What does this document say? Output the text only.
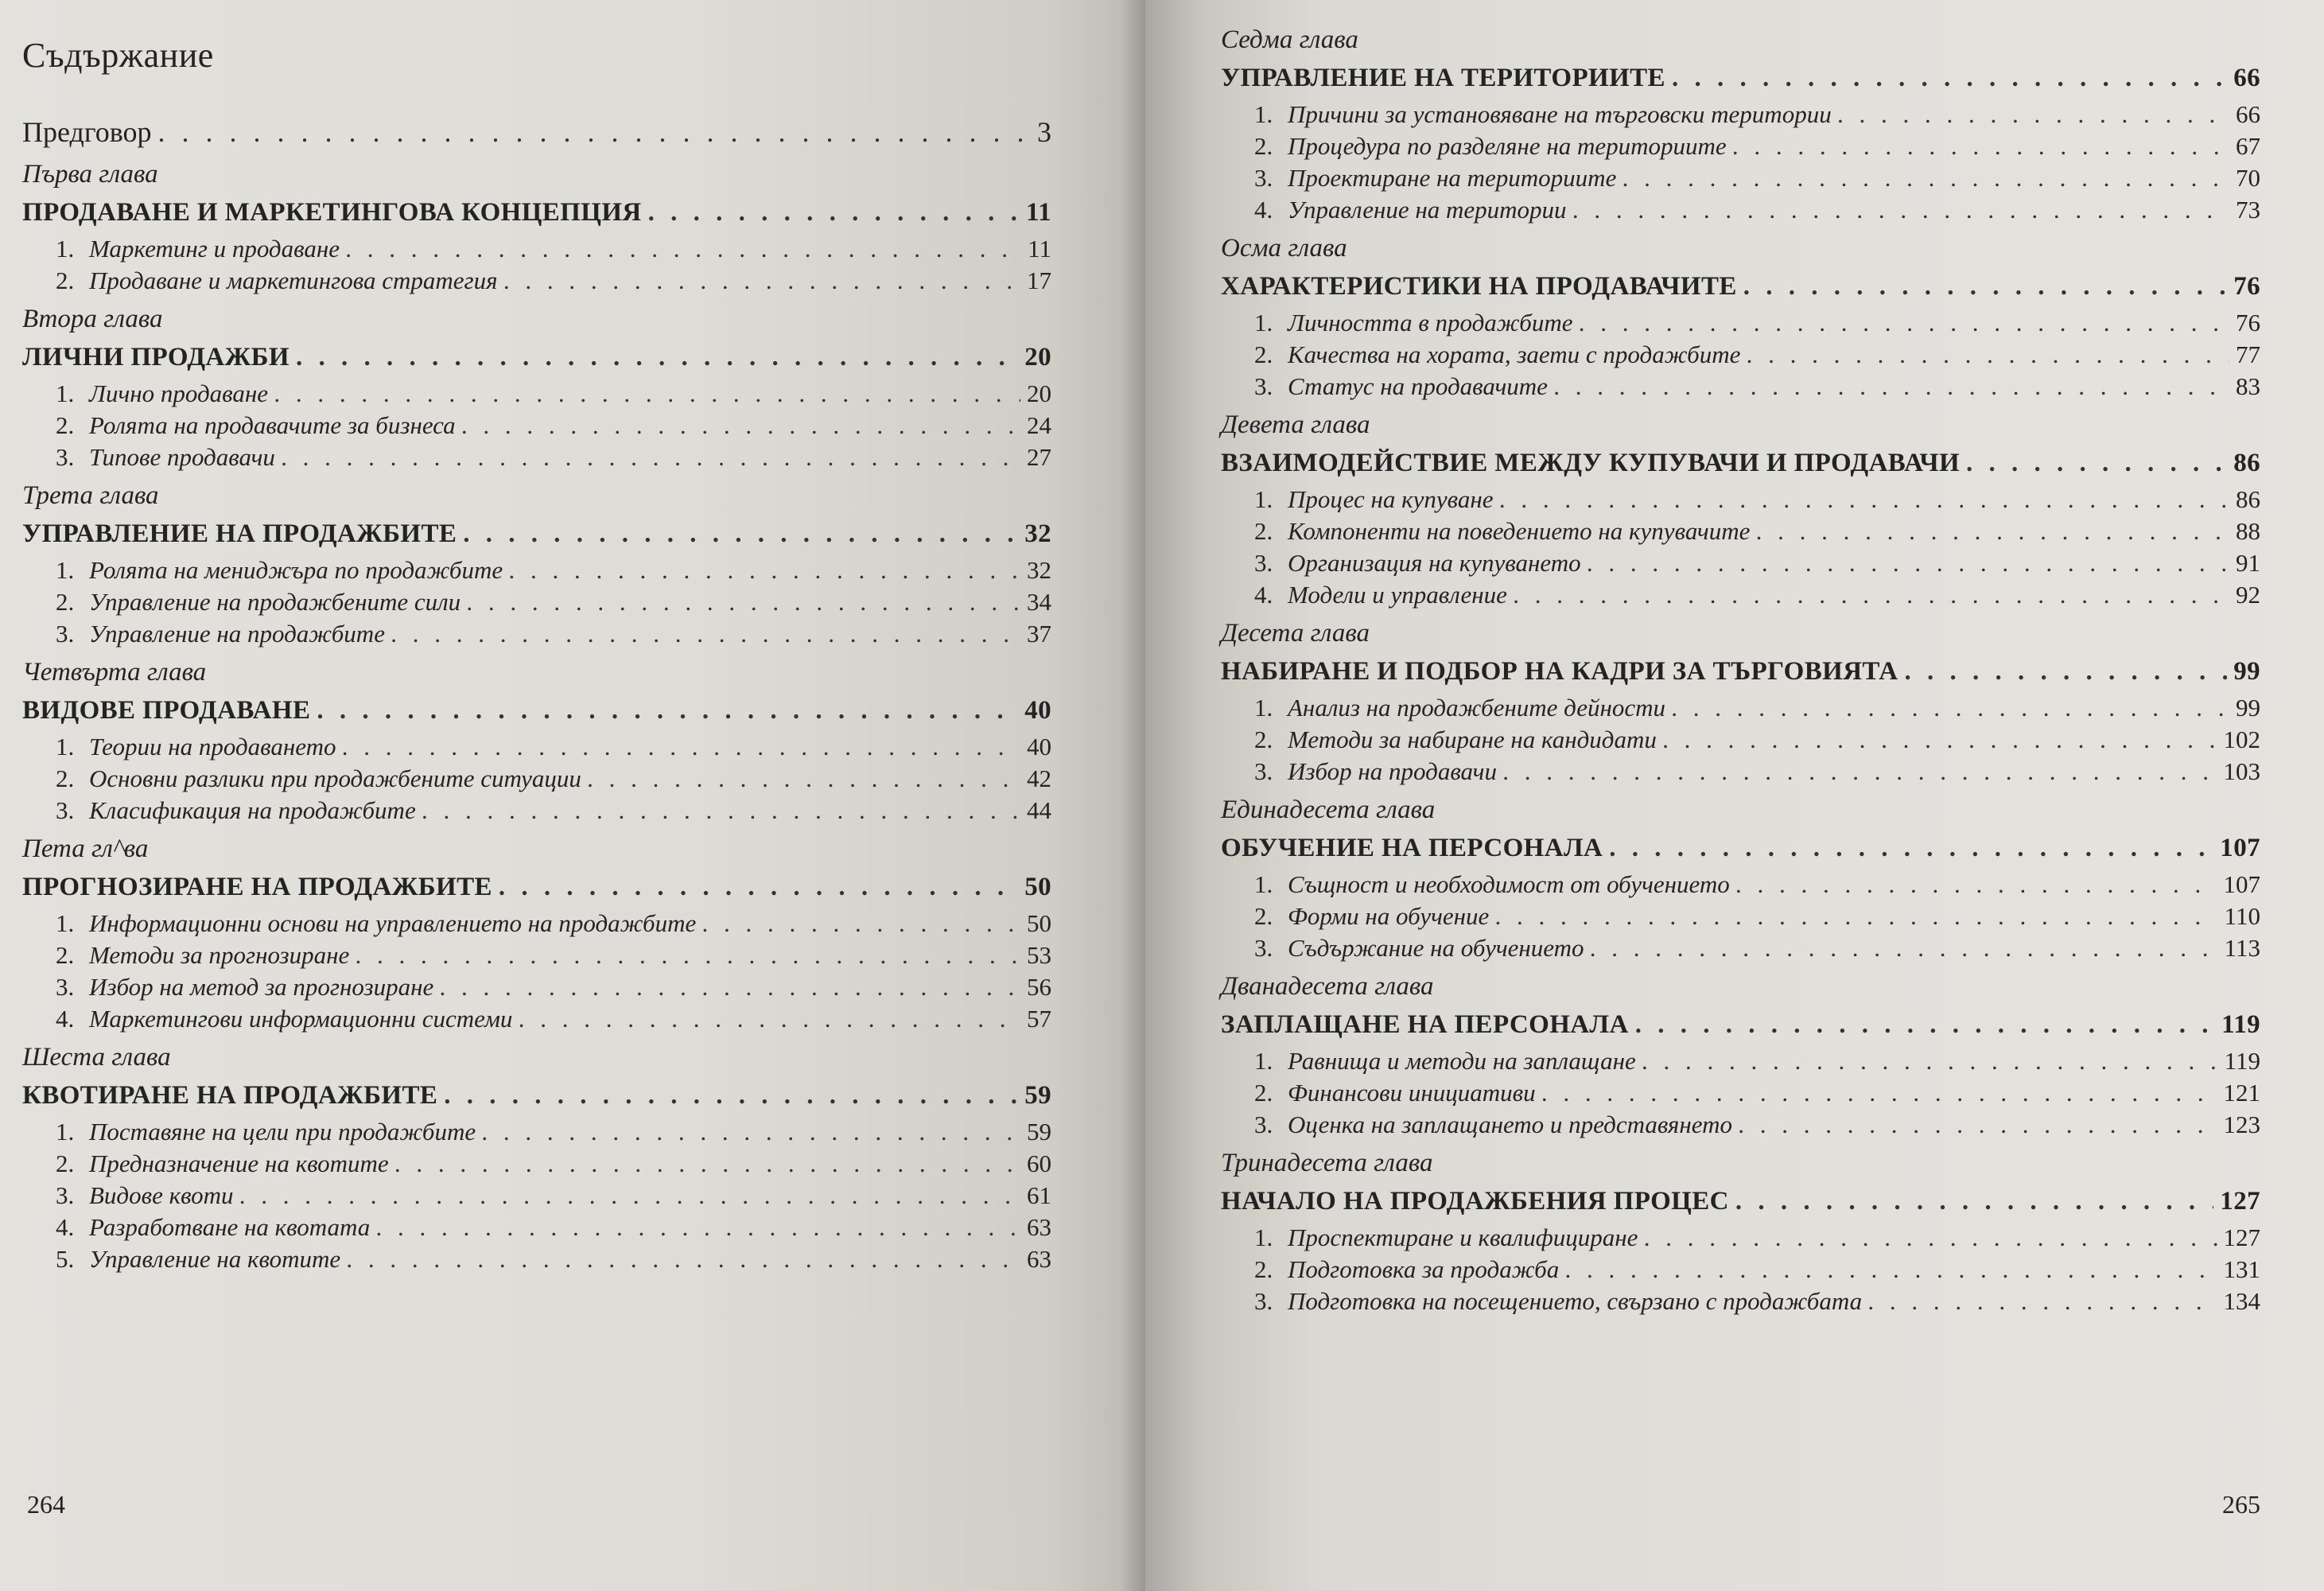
Съдържание
Предговор . . .	3
Първа глава
ПРОДАВАНЕ И МАРКЕТИНГОВА КОНЦЕПЦИЯ . . .	11
1. Маркетинг и продаване . . .	11
2. Продаване и маркетингова стратегия . . .	17
Втора глава
ЛИЧНИ ПРОДАЖБИ . . .	20
1. Лично продаване . . .	20
2. Ролята на продавачите за бизнеса . . .	24
3. Типове продавачи . . .	27
Трета глава
УПРАВЛЕНИЕ НА ПРОДАЖБИТЕ . . .	32
1. Ролята на мениджъра по продажбите . . .	32
2. Управление на продажбените сили . . .	34
3. Управление на продажбите . . .	37
Четвърта глава
ВИДОВЕ ПРОДАВАНЕ . . .	40
1. Теории на продаването . . .	40
2. Основни разлики при продажбените ситуации . . .	42
3. Класификация на продажбите . . .	44
Пета гл^ва
ПРОГНОЗИРАНЕ НА ПРОДАЖБИТЕ . . .	50
1. Информационни основи на управлението на продажбите . . .	50
2. Методи за прогнозиране . . .	53
3. Избор на метод за прогнозиране . . .	56
4. Маркетингови информационни системи . . .	57
Шеста глава
КВОТИРАНЕ НА ПРОДАЖБИТЕ . . .	59
1. Поставяне на цели при продажбите . . .	59
2. Предназначение на квотите . . .	60
3. Видове квоти . . .	61
4. Разработване на квотата . . .	63
5. Управление на квотите . . .	63
264
Седма глава
УПРАВЛЕНИЕ НА ТЕРИТОРИИТЕ . . .	66
1. Причини за установяване на търговски територии . . .	66
2. Процедура по разделяне на териториите . . .	67
3. Проектиране на териториите . . .	70
4. Управление на територии . . .	73
Осма глава
ХАРАКТЕРИСТИКИ НА ПРОДАВАЧИТЕ . . .	76
1. Личността в продажбите . . .	76
2. Качества на хората, заети с продажбите . . .	77
3. Статус на продавачите . . .	83
Девета глава
ВЗАИМОДЕЙСТВИЕ МЕЖДУ КУПУВАЧИ И ПРОДАВАЧИ . . .	86
1. Процес на купуване . . .	86
2. Компоненти на поведението на купувачите . . .	88
3. Организация на купуването . . .	91
4. Модели и управление . . .	92
Десета глава
НАБИРАНЕ И ПОДБОР НА КАДРИ ЗА ТЪРГОВИЯТА . . .	99
1. Анализ на продажбените дейности . . .	99
2. Методи за набиране на кандидати . . .	102
3. Избор на продавачи . . .	103
Единадесета глава
ОБУЧЕНИЕ НА ПЕРСОНАЛА . . .	107
1. Същност и необходимост от обучението . . .	107
2. Форми на обучение . . .	110
3. Съдържание на обучението . . .	113
Дванадесета глава
ЗАПЛАЩАНЕ НА ПЕРСОНАЛА . . .	119
1. Равнища и методи на заплащане . . .	119
2. Финансови инициативи . . .	121
3. Оценка на заплащането и представянето . . .	123
Тринадесета глава
НАЧАЛО НА ПРОДАЖБЕНИЯ ПРОЦЕС . . .	127
1. Проспектиране и квалифициране . . .	127
2. Подготовка за продажба . . .	131
3. Подготовка на посещението, свързано с продажбата . . .	134
265
